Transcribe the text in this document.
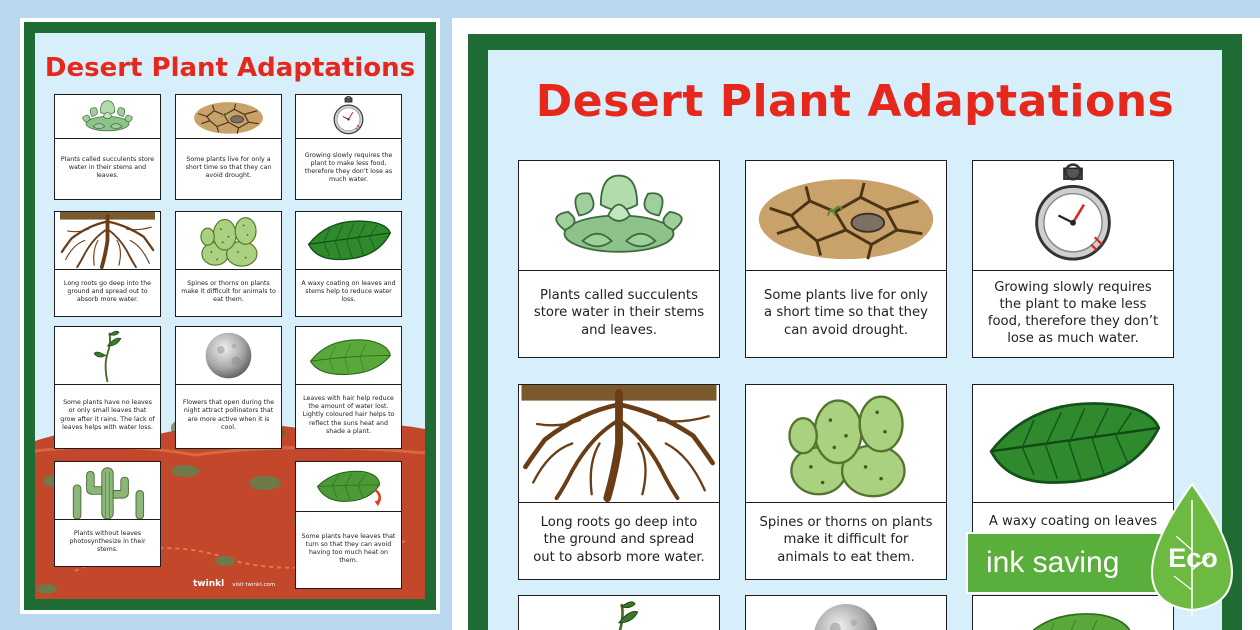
Desert Plant Adaptations
Plants called succulents store water in their stems and leaves.
Some plants live for only a short time so that they can avoid drought.
Growing slowly requires the plant to make less food, therefore they don’t lose as much water.
Long roots go deep into the ground and spread out to absorb more water.
Spines or thorns on plants make it difficult for animals to eat them.
A waxy coating on leaves and stems help to reduce water loss.
Some plants have no leaves or only small leaves that grow after it rains. The lack of leaves helps with water loss.
Flowers that open during the night attract pollinators that are more active when it is cool.
Leaves with hair help reduce the amount of water lost. Lightly coloured hair helps to reflect the suns heat and shade a plant.
Plants without leaves photosynthesize in their stems.
Some plants have leaves that turn so that they can avoid having too much heat on them.
twinkl visit twinkl.com
Desert Plant Adaptations
Plants called succulents store water in their stems and leaves.
Some plants live for only a short time so that they can avoid drought.
Growing slowly requires the plant to make less food, therefore they don’t lose as much water.
Long roots go deep into the ground and spread out to absorb more water.
Spines or thorns on plants make it difficult for animals to eat them.
A waxy coating on leaves
ink saving	Eco
